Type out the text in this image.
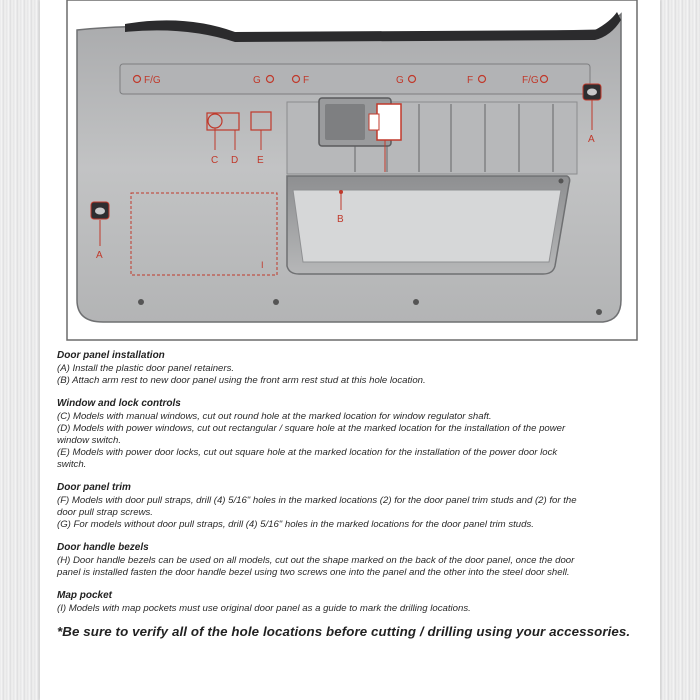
F/G	G	F	G	F	F/G
A
A
C D E
B
I
Door panel installation

(A) Install the plastic door panel retainers.

(B) Attach arm rest to new door panel using the front arm rest stud at this hole location.

Window and lock controls

(C) Models with manual windows, cut out round hole at the marked location for window regulator shaft.

(D) Models with power windows, cut out rectangular / square hole at the marked location for the installation of the power

window switch.

(E) Models with power door locks, cut out square hole at the marked location for the installation of the power door lock

switch.

Door panel trim

(F) Models with door pull straps, drill (4) 5/16" holes in the marked locations (2) for the door panel trim studs and (2) for the

door pull strap screws.

(G) For models without door pull straps, drill (4) 5/16" holes in the marked locations for the door panel trim studs.

Door handle bezels

(H) Door handle bezels can be used on all models, cut out the shape marked on the back of the door panel, once the door

panel is installed fasten the door handle bezel using two screws one into the panel and the other into the steel door shell.

Map pocket

(I) Models with map pockets must use original door panel as a guide to mark the drilling locations.

*Be sure to verify all of the hole locations before cutting / drilling using your accessories.
